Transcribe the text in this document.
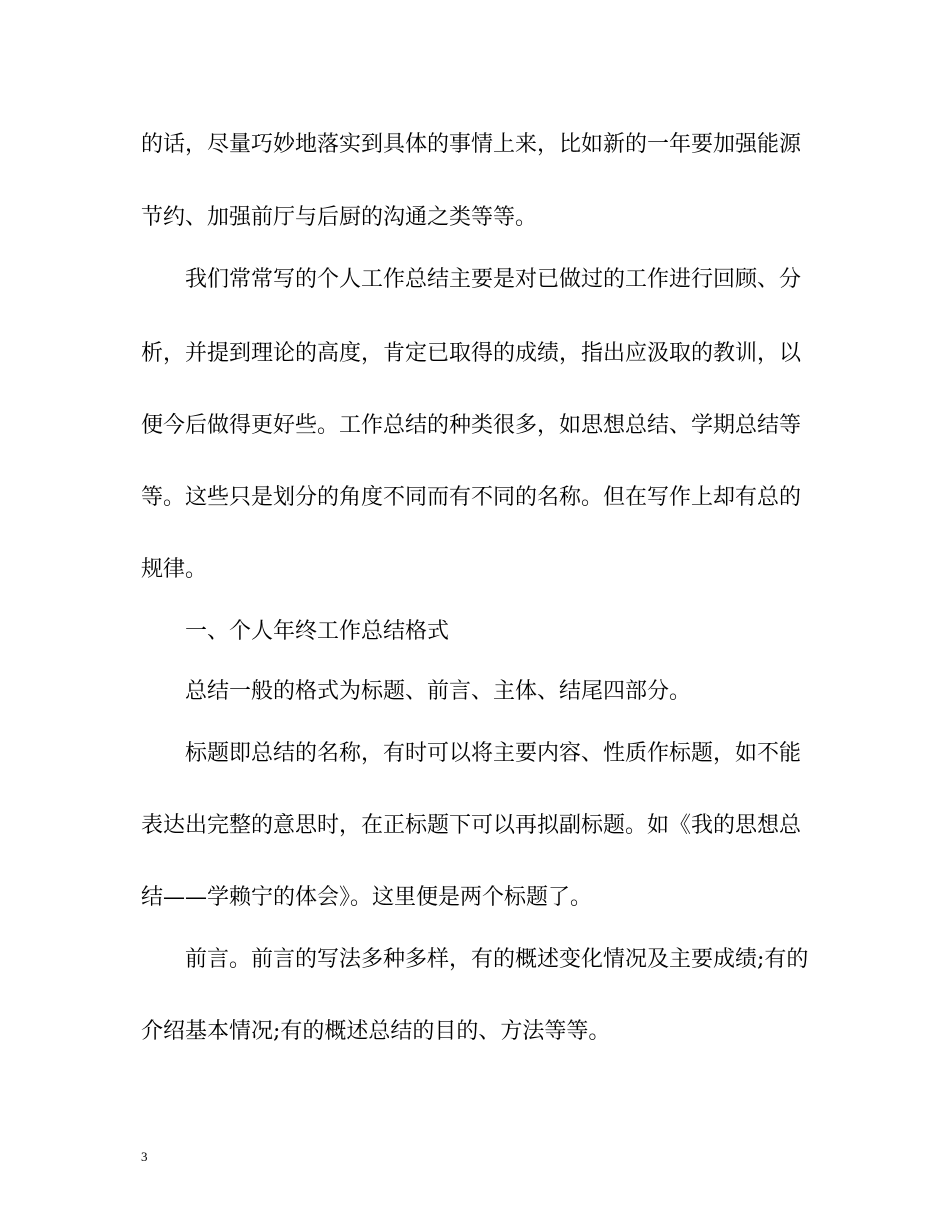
的话，尽量巧妙地落实到具体的事情上来，比如新的一年要加强能源

节约、加强前厅与后厨的沟通之类等等。

我们常常写的个人工作总结主要是对已做过的工作进行回顾、分

析，并提到理论的高度，肯定已取得的成绩，指出应汲取的教训，以

便今后做得更好些。工作总结的种类很多，如思想总结、学期总结等

等。这些只是划分的角度不同而有不同的名称。但在写作上却有总的

规律。

一、个人年终工作总结格式

总结一般的格式为标题、前言、主体、结尾四部分。

标题即总结的名称，有时可以将主要内容、性质作标题，如不能

表达出完整的意思时，在正标题下可以再拟副标题。如《我的思想总

结——学赖宁的体会》。这里便是两个标题了。

前言。前言的写法多种多样，有的概述变化情况及主要成绩;有的

介绍基本情况;有的概述总结的目的、方法等等。

3
